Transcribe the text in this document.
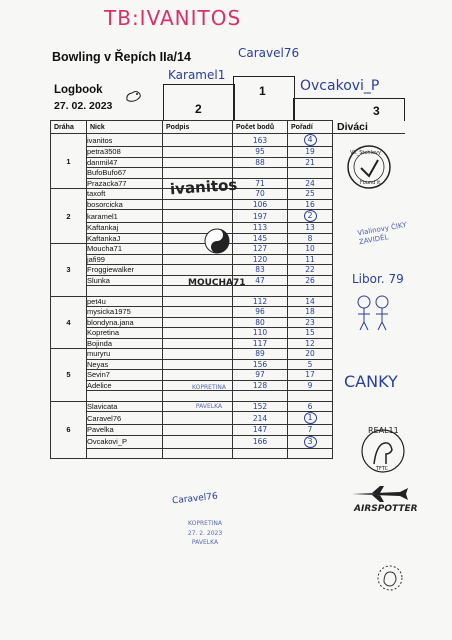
TB:IVANITOS
Bowling v Řepích IIa/14
Logbook
27. 02. 2023
Karamel1
Caravel76
Ovcakovi_P
2
1
3
Dráha	Nick	Podpis	Počet bodů	Pořadí	Diváci
1	ivanitos		163	4	
	petra3508		95	19	
	danmil47		88	21	
	BufoBufo67				
	Prazacka77		71	24	
2	taxoft		70	25	
	bosorcicka		106	16	
	karamel1		197	2	
	Kaftankaj		113	13	
	KaftankaJ		145	8	
3	Moucha71		127	10	
	jafi99		120	11	
	Froggiewalker		83	22	
	Slunka		47	26	

4	pet4u		112	14	
	mysicka1975		96	18	
	blondyna.jana		80	23	
	Kopretina		110	15	
	Bojinda		117	12	
5	muryru		89	20	
	Neyas		156	5	
	Sevin7		97	17	
	Adelice		128	9	

6	Slavicata		152	6	
	Caravel76		214	1	
	Pavelka		147	7	
	Ovcakovi_P		166	3	

ivanitos
MOUCHA71
KOPRETINA
PAVELKA
Caravel76
KOPRETINA
27. 2. 2023
PAVELKA
VK_Stehlovy
Found it
Vlalinovy ČIKY ZAVIDĚL
Libor. 79
CANKY
REAL11
TFTC
AIRSPOTTER
